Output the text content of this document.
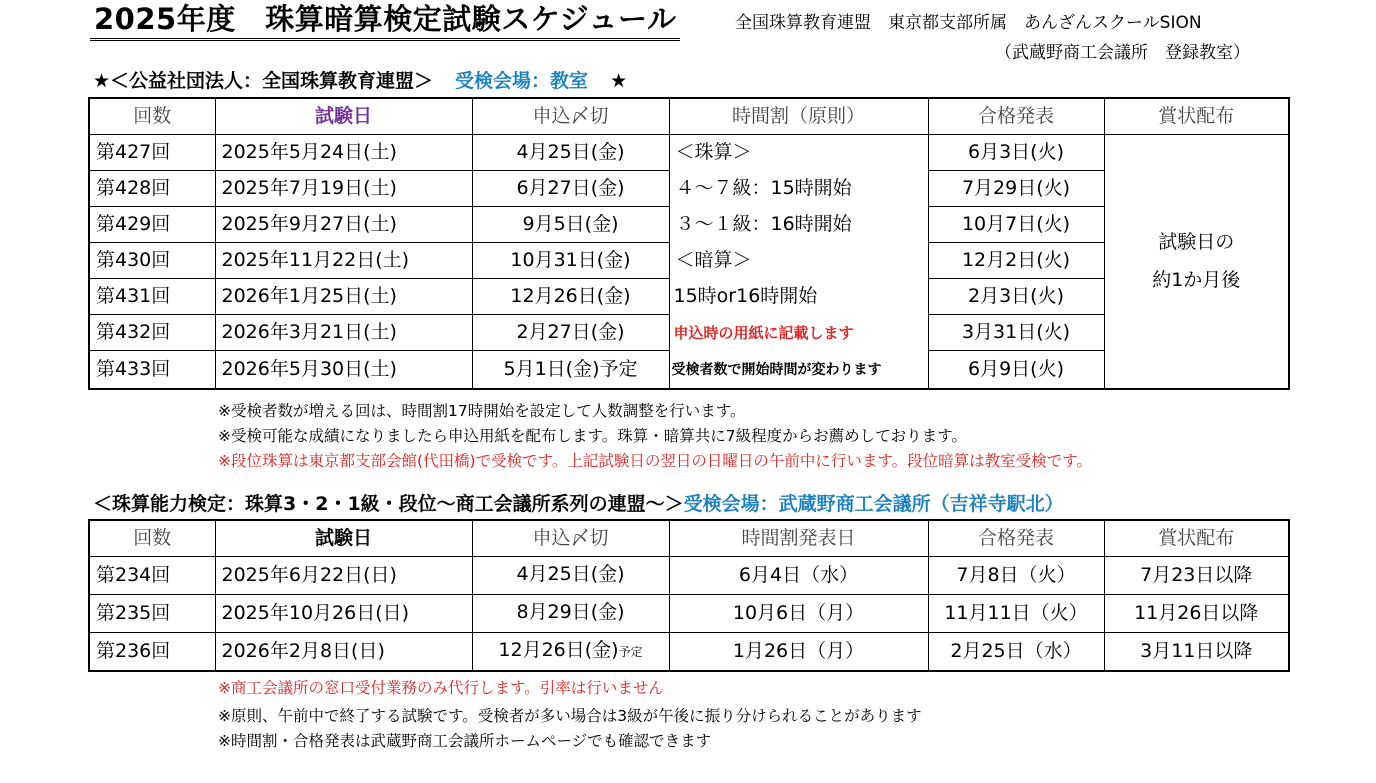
2025年度　珠算暗算検定試験スケジュール	全国珠算教育連盟　東京都支部所属　あんざんスクールSION
（武蔵野商工会議所　登録教室）
★＜公益社団法人：全国珠算教育連盟＞ 受検会場：教室 ★
回数	試験日	申込〆切	時間割（原則）	合格発表	賞状配布
第427回	2025年5月24日(土)	4月25日(金)	＜珠算＞	6月3日(火)	試験日の
約1か月後

第428回	2025年7月19日(土)	6月27日(金)	４～７級：15時開始	7月29日(火)	
第429回	2025年9月27日(土)	9月5日(金)	３～１級：16時開始	10月7日(火)	
第430回	2025年11月22日(土)	10月31日(金)	＜暗算＞	12月2日(火)	
第431回	2026年1月25日(土)	12月26日(金)	15時or16時開始	2月3日(火)	
第432回	2026年3月21日(土)	2月27日(金)	申込時の用紙に記載します	3月31日(火)	
第433回	2026年5月30日(土)	5月1日(金)予定	受検者数で開始時間が変わります	6月9日(火)	
※受検者数が増える回は、時間割17時開始を設定して人数調整を行います。
※受検可能な成績になりましたら申込用紙を配布します。珠算・暗算共に7級程度からお薦めしております。
※段位珠算は東京都支部会館(代田橋)で受検です。上記試験日の翌日の日曜日の午前中に行います。段位暗算は教室受検です。
＜珠算能力検定：珠算3・2・1級・段位～商工会議所系列の連盟～＞受検会場：武蔵野商工会議所（吉祥寺駅北）
回数	試験日	申込〆切	時間割発表日	合格発表	賞状配布
第234回	2025年6月22日(日)	4月25日(金)	6月4日（水）	7月8日（火）	7月23日以降
第235回	2025年10月26日(日)	8月29日(金)	10月6日（月）	11月11日（火）	11月26日以降
第236回	2026年2月8日(日)	12月26日(金)予定	1月26日（月）	2月25日（水）	3月11日以降
※商工会議所の窓口受付業務のみ代行します。引率は行いません
※原則、午前中で終了する試験です。受検者が多い場合は3級が午後に振り分けられることがあります
※時間割・合格発表は武蔵野商工会議所ホームページでも確認できます
